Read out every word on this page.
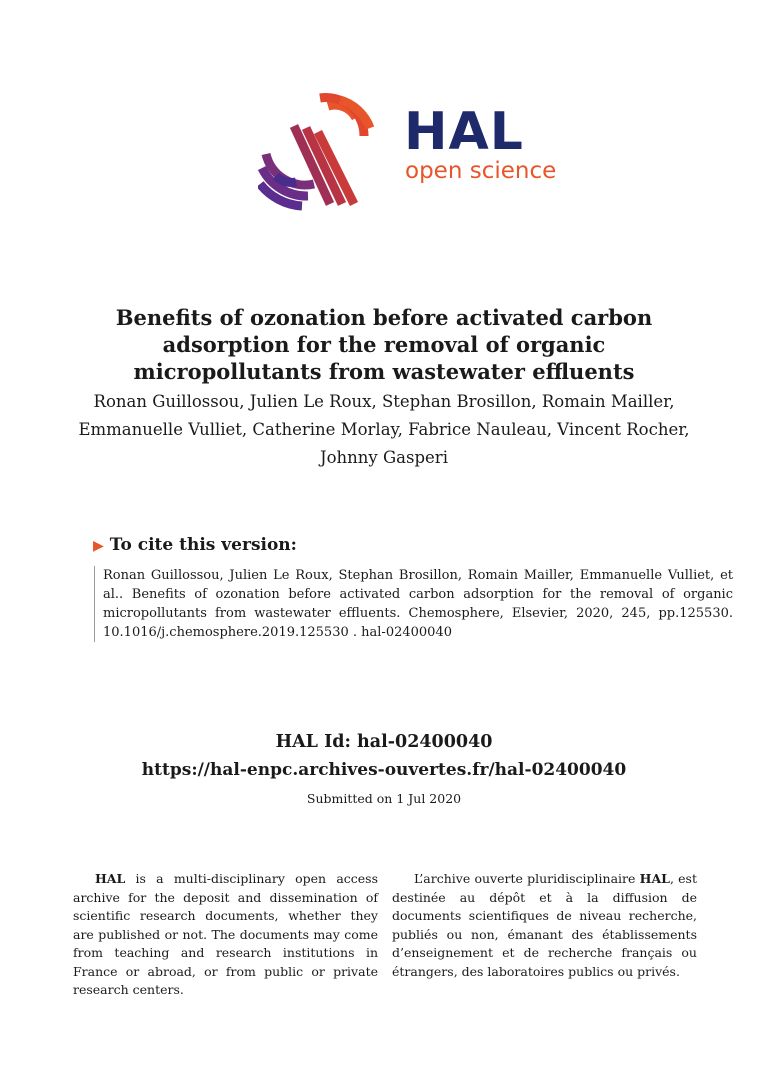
HAL
open science
Benefits of ozonation before activated carbon adsorption for the removal of organic micropollutants from wastewater effluents
Ronan Guillossou, Julien Le Roux, Stephan Brosillon, Romain Mailler, Emmanuelle Vulliet, Catherine Morlay, Fabrice Nauleau, Vincent Rocher, Johnny Gasperi
▶ To cite this version:
Ronan Guillossou, Julien Le Roux, Stephan Brosillon, Romain Mailler, Emmanuelle Vulliet, et al.. Benefits of ozonation before activated carbon adsorption for the removal of organic micropollutants from wastewater effluents. Chemosphere, Elsevier, 2020, 245, pp.125530. 10.1016/j.chemosphere.2019.125530 . hal-02400040
HAL Id: hal-02400040
https://hal-enpc.archives-ouvertes.fr/hal-02400040
Submitted on 1 Jul 2020

HAL is a multi-disciplinary open access archive for the deposit and dissemination of scientific research documents, whether they are published or not. The documents may come from teaching and research institutions in France or abroad, or from public or private research centers.

L’archive ouverte pluridisciplinaire HAL, est destinée au dépôt et à la diffusion de documents scientifiques de niveau recherche, publiés ou non, émanant des établissements d’enseignement et de recherche français ou étrangers, des laboratoires publics ou privés.
